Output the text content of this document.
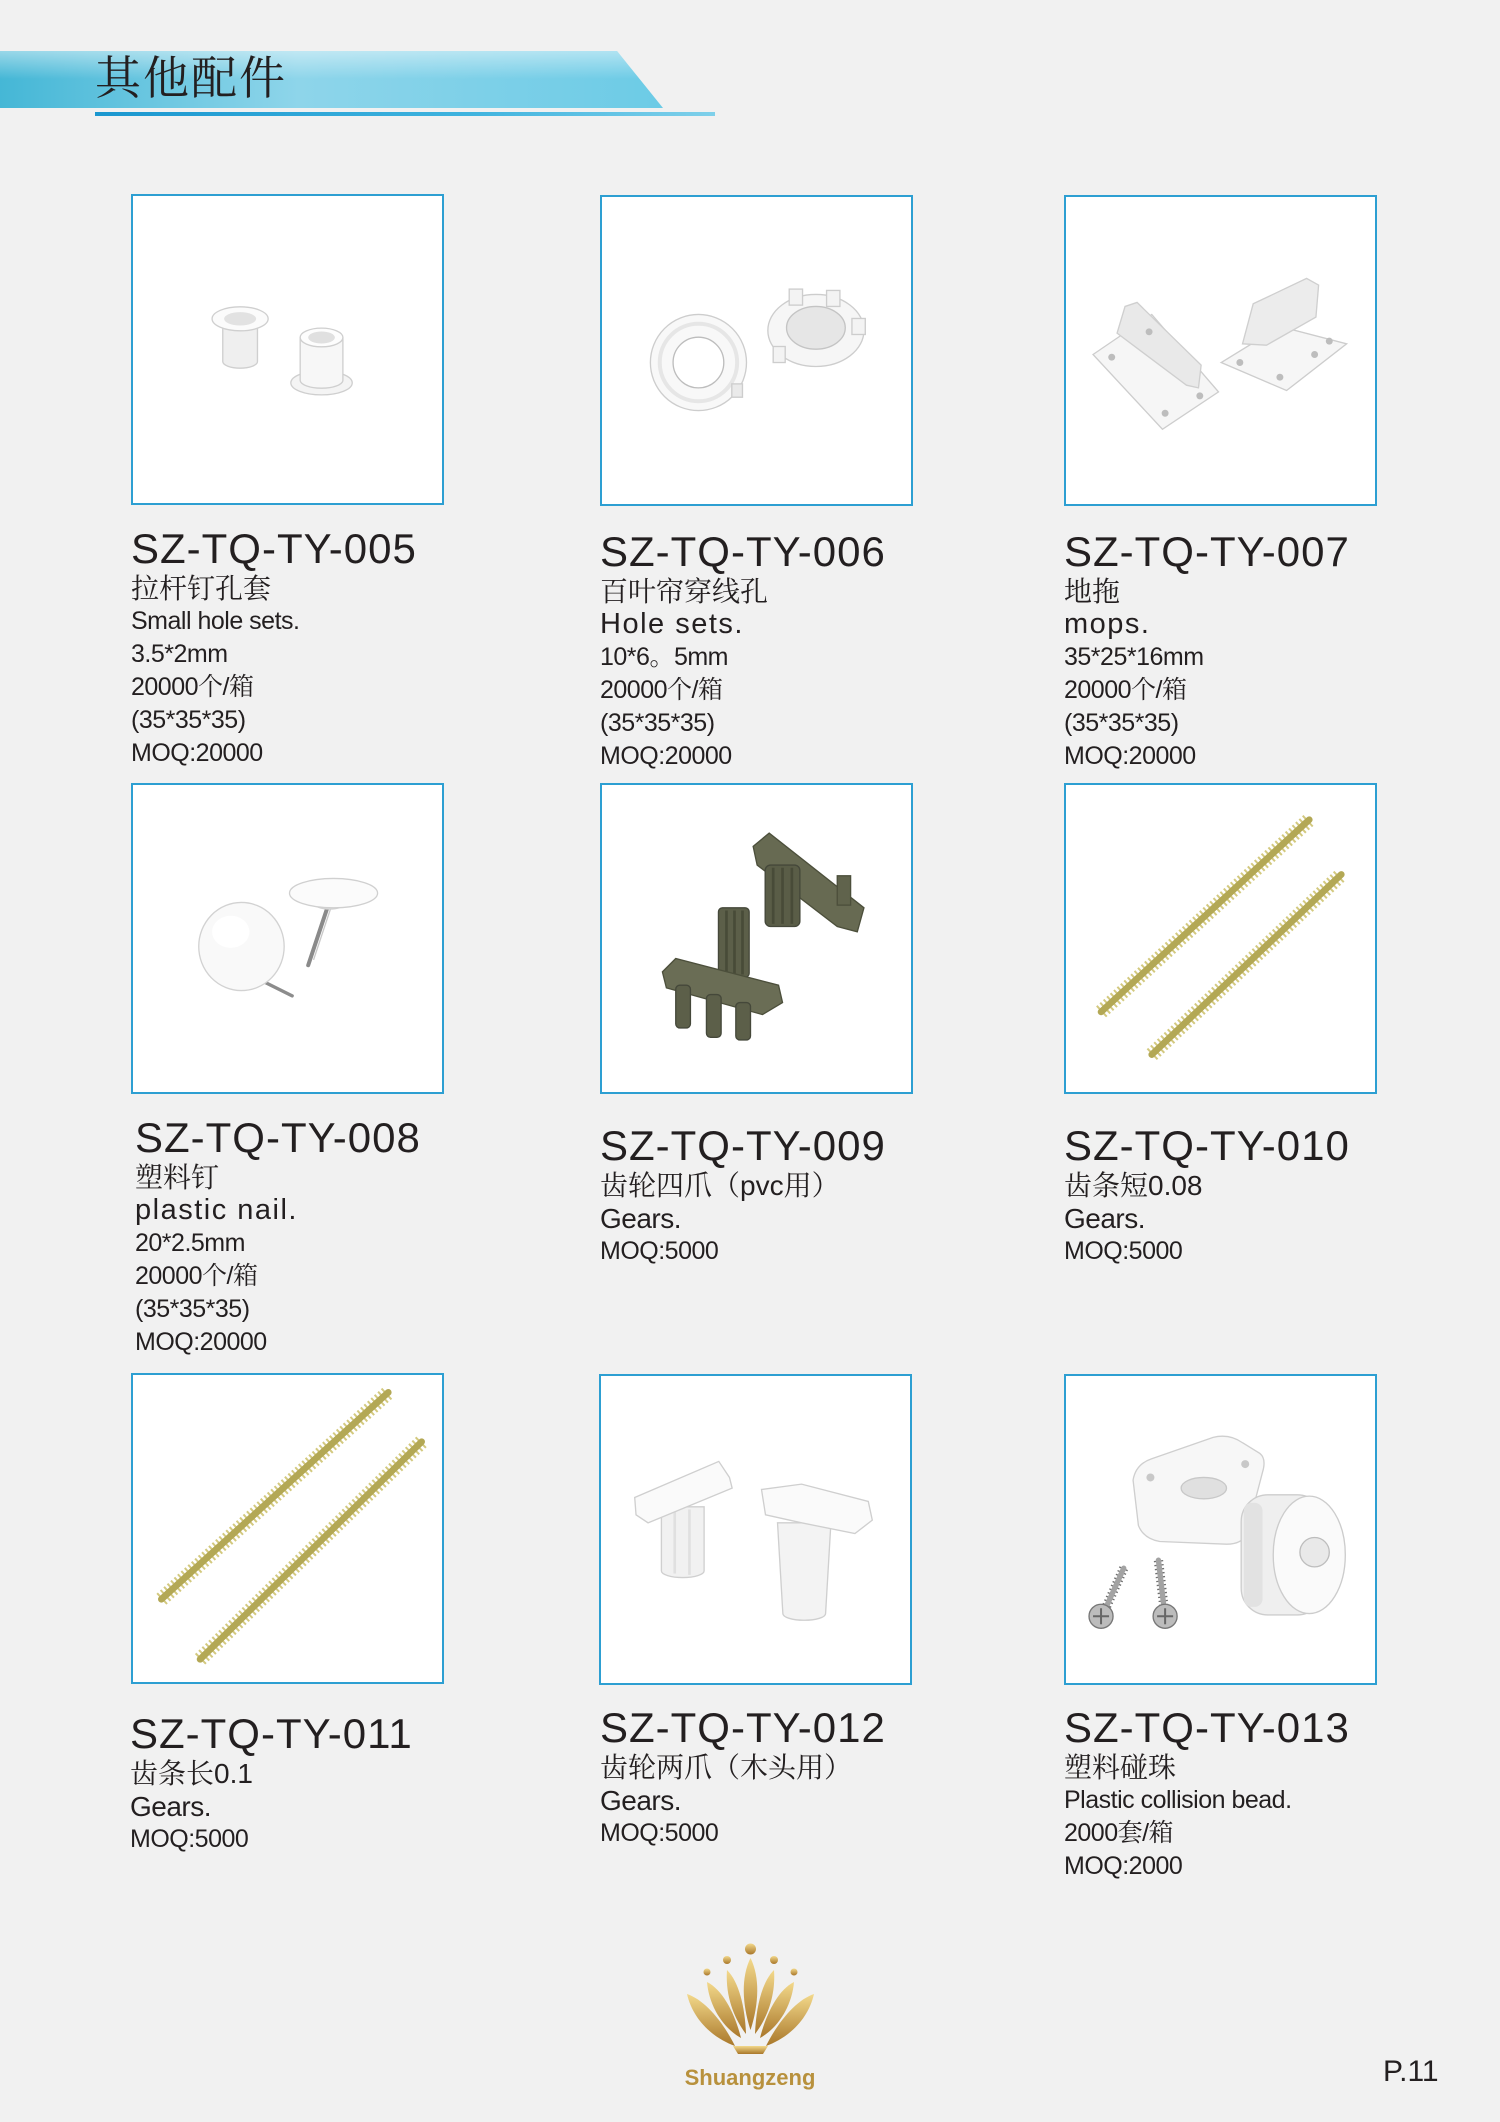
其他配件
SZ-TQ-TY-005
拉杆钉孔套
Small hole sets.
3.5*2mm
20000个/箱
(35*35*35)
MOQ:20000
SZ-TQ-TY-006
百叶帘穿线孔
Hole sets.
10*6。5mm
20000个/箱
(35*35*35)
MOQ:20000
SZ-TQ-TY-007
地拖
mops.
35*25*16mm
20000个/箱
(35*35*35)
MOQ:20000
SZ-TQ-TY-008
塑料钉
plastic nail.
20*2.5mm
20000个/箱
(35*35*35)
MOQ:20000
SZ-TQ-TY-009
齿轮四爪（pvc用）
Gears.
MOQ:5000
SZ-TQ-TY-010
齿条短0.08
Gears.
MOQ:5000
SZ-TQ-TY-011
齿条长0.1
Gears.
MOQ:5000
SZ-TQ-TY-012
齿轮两爪（木头用）
Gears.
MOQ:5000
SZ-TQ-TY-013
塑料碰珠
Plastic collision bead.
2000套/箱
MOQ:2000
Shuangzeng	P.11
